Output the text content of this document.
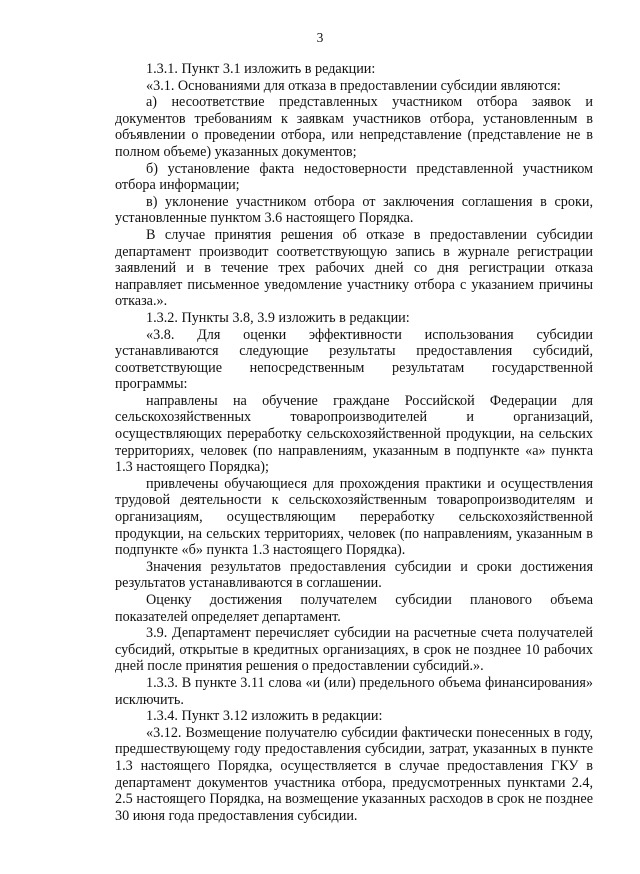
3

1.3.1. Пункт 3.1 изложить в редакции:

«3.1. Основаниями для отказа в предоставлении субсидии являются:

а) несоответствие представленных участником отбора заявок и документов требованиям к заявкам участников отбора, установленным в объявлении о проведении отбора, или непредставление (представление не в полном объеме) указанных документов;

б) установление факта недостоверности представленной участником отбора информации;

в) уклонение участником отбора от заключения соглашения в сроки, установленные пунктом 3.6 настоящего Порядка.

В случае принятия решения об отказе в предоставлении субсидии департамент производит соответствующую запись в журнале регистрации заявлений и в течение трех рабочих дней со дня регистрации отказа направляет письменное уведомление участнику отбора с указанием причины отказа.».

1.3.2. Пункты 3.8, 3.9 изложить в редакции:

«3.8. Для оценки эффективности использования субсидии устанавливаются следующие результаты предоставления субсидий, соответствующие непосредственным результатам государственной программы:

направлены на обучение граждане Российской Федерации для сельскохозяйственных товаропроизводителей и организаций, осуществляющих переработку сельскохозяйственной продукции, на сельских территориях, человек (по направлениям, указанным в подпункте «а» пункта 1.3 настоящего Порядка);

привлечены обучающиеся для прохождения практики и осуществления трудовой деятельности к сельскохозяйственным товаропроизводителям и организациям, осуществляющим переработку сельскохозяйственной продукции, на сельских территориях, человек (по направлениям, указанным в подпункте «б» пункта 1.3 настоящего Порядка).

Значения результатов предоставления субсидии и сроки достижения результатов устанавливаются в соглашении.

Оценку достижения получателем субсидии планового объема показателей определяет департамент.

3.9. Департамент перечисляет субсидии на расчетные счета получателей субсидий, открытые в кредитных организациях, в срок не позднее 10 рабочих дней после принятия решения о предоставлении субсидий.».

1.3.3. В пункте 3.11 слова «и (или) предельного объема финансирования» исключить.

1.3.4. Пункт 3.12 изложить в редакции:

«3.12. Возмещение получателю субсидии фактически понесенных в году, предшествующему году предоставления субсидии, затрат, указанных в пункте 1.3 настоящего Порядка, осуществляется в случае предоставления ГКУ в департамент документов участника отбора, предусмотренных пунктами 2.4, 2.5 настоящего Порядка, на возмещение указанных расходов в срок не позднее 30 июня года предоставления субсидии.
